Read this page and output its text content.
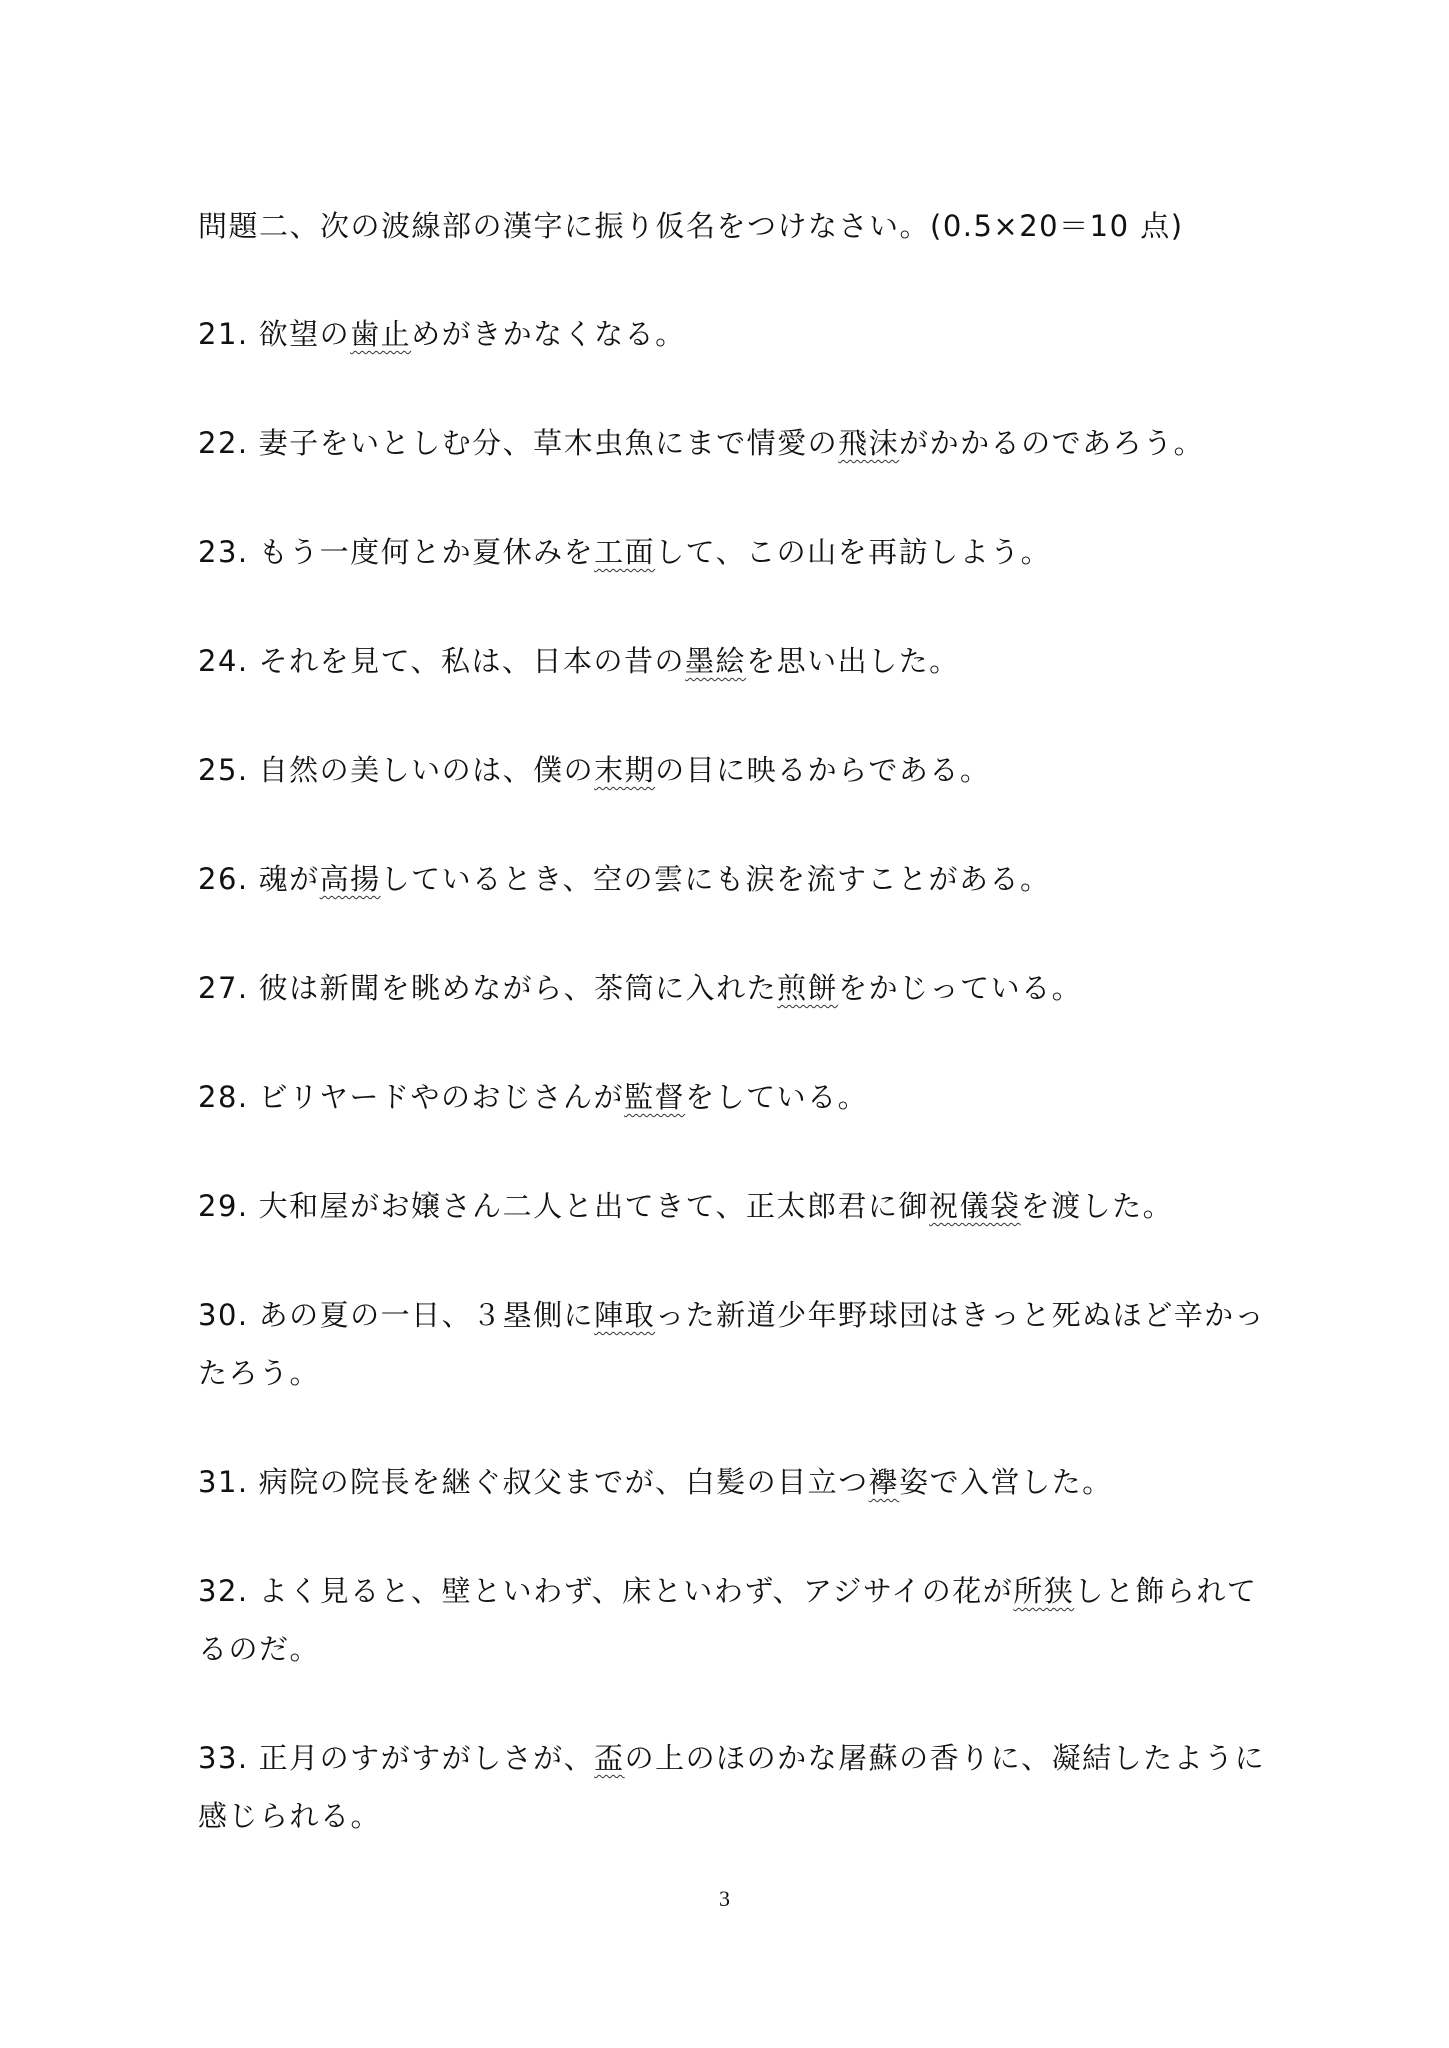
問題二、次の波線部の漢字に振り仮名をつけなさい。(0.5×20＝10 点)

21. 欲望の歯止めがきかなくなる。

22. 妻子をいとしむ分、草木虫魚にまで情愛の飛沫がかかるのであろう。

23. もう一度何とか夏休みを工面して、この山を再訪しよう。

24. それを見て、私は、日本の昔の墨絵を思い出した。

25. 自然の美しいのは、僕の末期の目に映るからである。

26. 魂が高揚しているとき、空の雲にも涙を流すことがある。

27. 彼は新聞を眺めながら、茶筒に入れた煎餅をかじっている。

28. ビリヤードやのおじさんが監督をしている。

29. 大和屋がお嬢さん二人と出てきて、正太郎君に御祝儀袋を渡した。

30. あの夏の一日、３塁側に陣取った新道少年野球団はきっと死ぬほど辛かったろう。

31. 病院の院長を継ぐ叔父までが、白髪の目立つ襷姿で入営した。

32. よく見ると、壁といわず、床といわず、アジサイの花が所狭しと飾られてるのだ。

33. 正月のすがすがしさが、盃の上のほのかな屠蘇の香りに、凝結したように感じられる。

3
